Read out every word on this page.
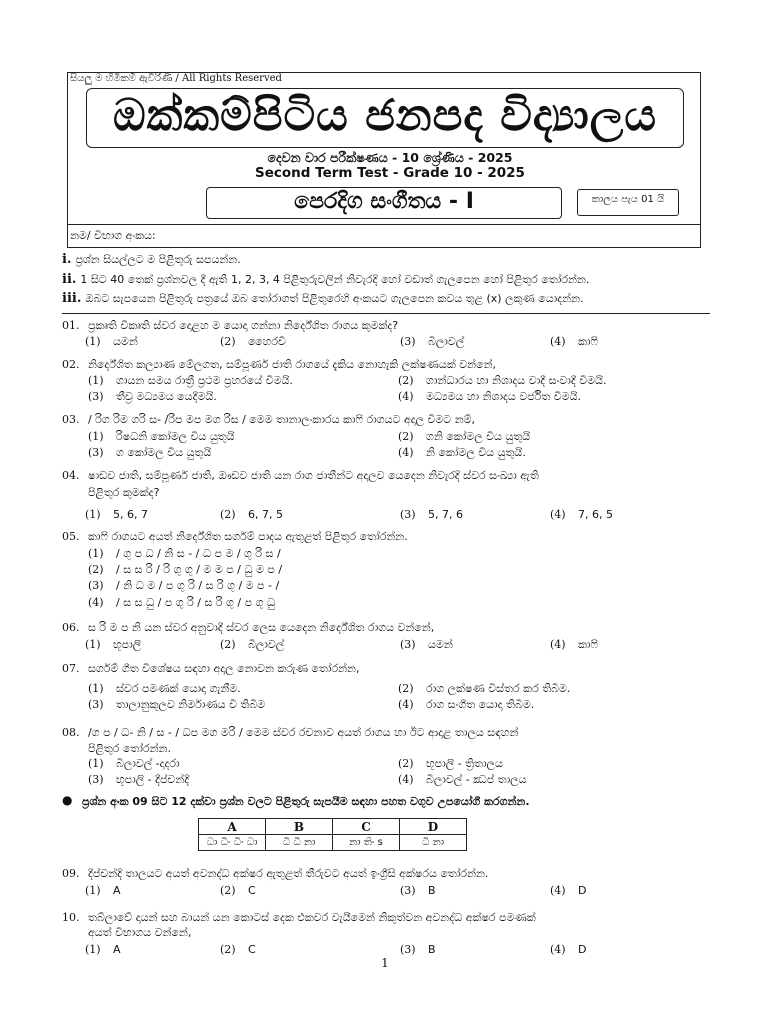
සියලු ම හිමිකම් ඇවිරිණි / All Rights Reserved
ඔක්කම්පිටිය ජනපද විද්‍යාලය
දෙවන වාර පරීක්ෂණය - 10 ශ්‍රේණිය - 2025
Second Term Test - Grade 10 - 2025
පෙරදිග සංගීතය - I	කාලය පැය 01 යි
නම/ විභාග අංකය:
i. ප්‍රශ්න සියල්ලට ම පිළිතුරු සපයන්න.
ii. 1 සිට 40 තෙක් ප්‍රශ්නවල දී ඇති 1, 2, 3, 4 පිළිතුරුවලින් නිවැරදි හෝ වඩාත් ගැලපෙන හෝ පිළිතුර තෝරන්න.
iii. ඔබට සැපයෙන පිළිතුරු පත්‍රයේ ඔබ තෝරාගත් පිළිතුරෙහි අංකයට ගැලපෙන කවය තුළ (x) ලකුණ යොදන්න.
01. ප්‍රකෘති විකෘති ස්වර දොළහ ම යොදා ගන්නා නිර්දේශිත රාගය කුමක්ද?
(1) යමන්	(2) හෛරවී	(3) බිලාවල්	(4) කාෆි
02. නිර්දේශිත කල්‍යාණ මේලගත, සම්පූර්ණ ජාති රාගයේ දැකිය නොහැකි ලක්ෂණයක් වන්නේ,
(1) ගායන සමය රාත්‍රී ප්‍රථම ප්‍රහරයේ වීමයි.	(2) ගාන්ධාරය හා නිශාදය වාදී සංවාදී වීමයි.
(3) තීව්‍ර මධ්‍යමය යෙදීමයි.	(4) මධ්‍යමය හා නිශාදය වර්ජිත වීමයි.
03. / රිග රිම ග‍රි ස- /රිප මප මග රිස / මෙම තානාලංකාරය කාෆි රාගයට අදාල වීමට නම්,
(1) රිෂධනි කෝමල විය යුතුයි	(2) ගනි කෝමල විය යුතුයි
(3) ග කෝමල විය යුතුයි	(4) නි කෝමල විය යුතුයි.
04. ෂාඩව ජාති, සම්පූර්ණ ජාති, ඖඩව ජාති යන රාග ජාතීන්ට අදාලව යෙදෙන නිවැරදි ස්වර සංඛ්‍යා ඇති
පිළිතුර කුමක්ද?
(1) 5, 6, 7	(2) 6, 7, 5	(3) 5, 7, 6	(4) 7, 6, 5
05. කාෆි රාගයට අයත් නිර්දේශිත සර්ගම් පාදය ඇතුළත් පිළිතුර තෝරන්න.
(1) / ගු ප ධ / නි ස - / ධ ප ම / ගු රි ස /
(2) / ස ස රි / රි ගු ගු / ම ම ප / ධු ම ප /
(3) / නි ධ ම / ප ගු රි / ස රි ගු / ම ප - /
(4) / ස ස ධු / ප ගු රි / ස රි ගු / ප ගු ධු
06. ස රි ම ප නි යන ස්වර අනුවාදී ස්වර ලෙස යෙදෙන නිර්දේශිත රාගය වන්නේ,
(1) භූපාලි	(2) බිලාවල්	(3) යමන්	(4) කාෆි
07. සර්ගම් ගීත විශේෂය සඳහා අදාල නොවන කරුණ තෝරන්න,
(1) ස්වර පමණක් යොදා ගැනීම.	(2) රාග ලක්ෂණ විස්තර කර තිබීම.
(3) තාලානුකූලව නිර්මාණය වී තිබීම	(4) රාග සංගීත යොදා තිබීම.
08. /ග ප / ධ- නි / ස - / ධප මග මරි / මෙම ස්වර රචනාව අයත් රාගය හා ඊට ආදාළ තාලය සඳහන්
පිළිතුර තෝරන්න.
(1) බිලාවල් -දාදරා	(2) භූපාලි - ත්‍රිතාලය
(3) භූපාලි - දීප්චන්දි	(4) බිලාවල් - ඣප් තාලය
● ප්‍රශ්න අංක 09 සිට 12 දක්වා ප්‍රශ්න වලට පිළිතුරු සැපයීම සඳහා පහත වගුව උපයෝගී කරගන්න.
A	B	C	D
ධා ධිං ධිං ධා	ධි ධි නා	නා තිං s	ධි නා
09. දීප්චන්දි තාලයට අයත් අවනද්ධ අක්ෂර ඇතුළත් තීරුවට අයත් ඉංග්‍රීසි අක්ෂරය තෝරන්න.
(1) A	(2) C	(3) B	(4) D
10. තබ්ලාවේ දායන් සහ බායන් යන කොටස් දෙක එකවර වැයීමෙන් නිකුත්වන අවනද්ධ අක්ෂර පමණක්
අයත් විභාගය වන්නේ,
(1) A	(2) C	(3) B	(4) D
1
